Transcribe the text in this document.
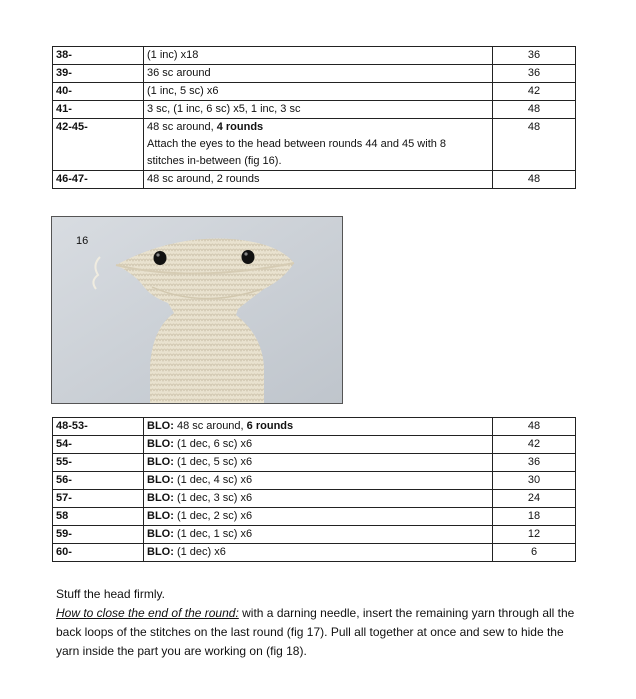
38-	(1 inc) x18	36
39-	36 sc around	36
40-	(1 inc, 5 sc) x6	42
41-	3 sc, (1 inc, 6 sc) x5, 1 inc, 3 sc	48
42-45-	48 sc around, 4 rounds
Attach the eyes to the head between rounds 44 and 45 with 8
stitches in-between (fig 16).	48
46-47-	48 sc around, 2 rounds	48
16
48-53-	BLO: 48 sc around, 6 rounds	48
54-	BLO: (1 dec, 6 sc) x6	42
55-	BLO: (1 dec, 5 sc) x6	36
56-	BLO: (1 dec, 4 sc) x6	30
57-	BLO: (1 dec, 3 sc) x6	24
58	BLO: (1 dec, 2 sc) x6	18
59-	BLO: (1 dec, 1 sc) x6	12
60-	BLO: (1 dec) x6	6

Stuff the head firmly.

How to close the end of the round: with a darning needle, insert the remaining yarn through all the back loops of the stitches on the last round (fig 17). Pull all together at once and sew to hide the yarn inside the part you are working on (fig 18).
